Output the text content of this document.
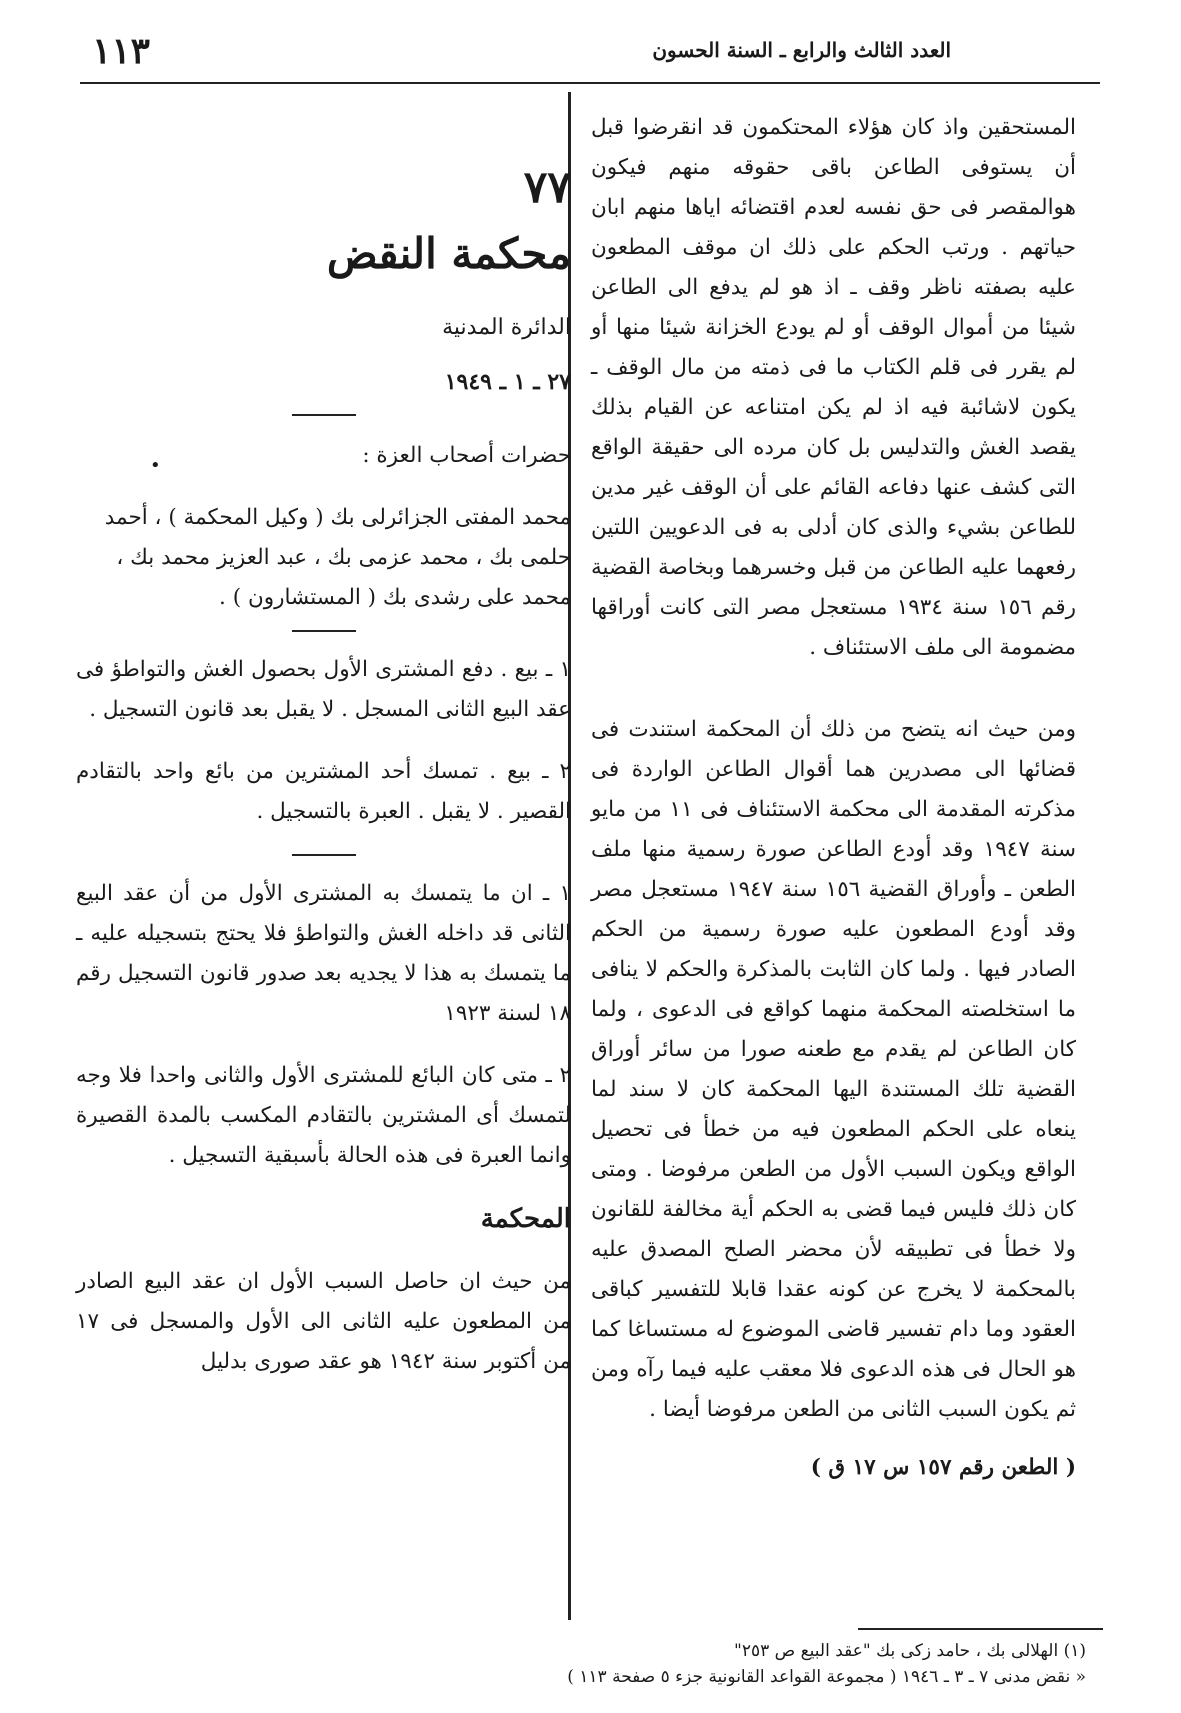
العدد الثالث والرابع ـ السنة الحسون
١١٣
•

المستحقين واذ كان هؤلاء المحتكمون قد انقرضوا قبل أن يستوفى الطاعن باقى حقوقه منهم فيكون هوالمقصر فى حق نفسه لعدم اقتضائه اياها منهم ابان حياتهم . ورتب الحكم على ذلك ان موقف المطعون عليه بصفته ناظر وقف ـ اذ هو لم يدفع الى الطاعن شيئا من أموال الوقف أو لم يودع الخزانة شيئا منها أو لم يقرر فى قلم الكتاب ما فى ذمته من مال الوقف ـ يكون لاشائبة فيه اذ لم يكن امتناعه عن القيام بذلك يقصد الغش والتدليس بل كان مرده الى حقيقة الواقع التى كشف عنها دفاعه القائم على أن الوقف غير مدين للطاعن بشيء والذى كان أدلى به فى الدعويين اللتين رفعهما عليه الطاعن من قبل وخسرهما وبخاصة القضية رقم ١٥٦ سنة ١٩٣٤ مستعجل مصر التى كانت أوراقها مضمومة الى ملف الاستئناف .

ومن حيث انه يتضح من ذلك أن المحكمة استندت فى قضائها الى مصدرين هما أقوال الطاعن الواردة فى مذكرته المقدمة الى محكمة الاستئناف فى ١١ من مايو سنة ١٩٤٧ وقد أودع الطاعن صورة رسمية منها ملف الطعن ـ وأوراق القضية ١٥٦ سنة ١٩٤٧ مستعجل مصر وقد أودع المطعون عليه صورة رسمية من الحكم الصادر فيها . ولما كان الثابت بالمذكرة والحكم لا ينافى ما استخلصته المحكمة منهما كواقع فى الدعوى ، ولما كان الطاعن لم يقدم مع طعنه صورا من سائر أوراق القضية تلك المستندة اليها المحكمة كان لا سند لما ينعاه على الحكم المطعون فيه من خطأ فى تحصيل الواقع ويكون السبب الأول من الطعن مرفوضا . ومتى كان ذلك فليس فيما قضى به الحكم أية مخالفة للقانون ولا خطأ فى تطبيقه لأن محضر الصلح المصدق عليه بالمحكمة لا يخرج عن كونه عقدا قابلا للتفسير كباقى العقود وما دام تفسير قاضى الموضوع له مستساغا كما هو الحال فى هذه الدعوى فلا معقب عليه فيما رآه ومن ثم يكون السبب الثانى من الطعن مرفوضا أيضا .

( الطعن رقم ١٥٧ س ١٧ ق )

٧٧

محكمة النقض

الدائرة المدنية

٢٧ ـ ١ ـ ١٩٤٩

حضرات أصحاب العزة :

محمد المفتى الجزائرلى بك ( وكيل المحكمة ) ، أحمد

حلمى بك ، محمد عزمى بك ، عبد العزيز محمد بك ،

محمد على رشدى بك ( المستشارون ) .

١ ـ بيع . دفع المشترى الأول بحصول الغش والتواطؤ فى عقد البيع الثانى المسجل . لا يقبل بعد قانون التسجيل .

٢ ـ بيع . تمسك أحد المشترين من بائع واحد بالتقادم القصير . لا يقبل . العبرة بالتسجيل .

١ ـ ان ما يتمسك به المشترى الأول من أن عقد البيع الثانى قد داخله الغش والتواطؤ فلا يحتج بتسجيله عليه ـ ما يتمسك به هذا لا يجديه بعد صدور قانون التسجيل رقم ١٨ لسنة ١٩٢٣

٢ ـ متى كان البائع للمشترى الأول والثانى واحدا فلا وجه لتمسك أى المشترين بالتقادم المكسب بالمدة القصيرة وانما العبرة فى هذه الحالة بأسبقية التسجيل .

المحكمة

من حيث ان حاصل السبب الأول ان عقد البيع الصادر من المطعون عليه الثانى الى الأول والمسجل فى ١٧ من أكتوبر سنة ١٩٤٢ هو عقد صورى بدليل

(١) الهلالى بك ، حامد زكى بك "عقد البيع ص ٢٥٣"

« نقض مدنى ٧ ـ ٣ ـ ١٩٤٦ ( مجموعة القواعد القانونية جزء ٥ صفحة ١١٣ )
